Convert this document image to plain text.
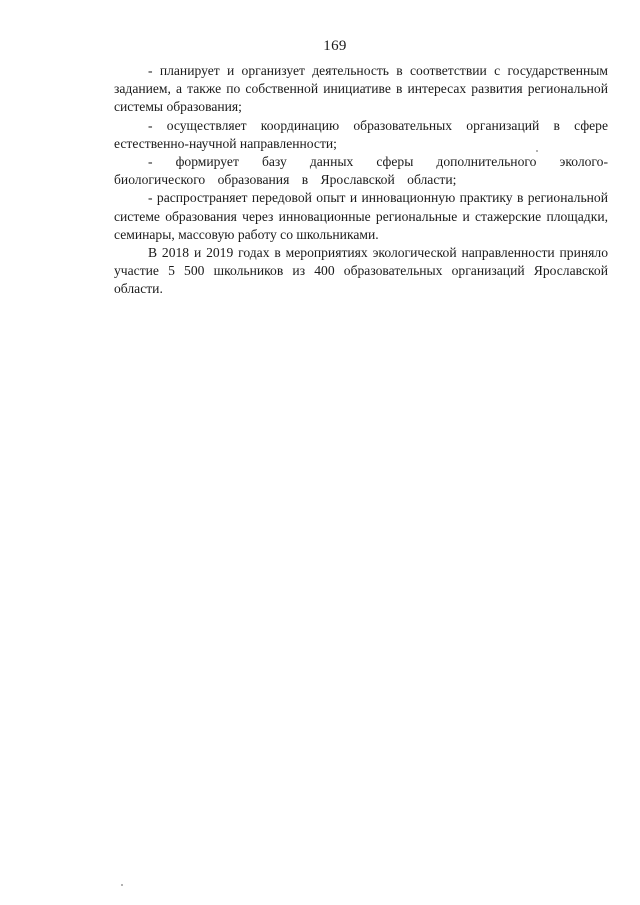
169

- планирует и организует деятельность в соответствии с государственным заданием, а также по собственной инициативе в интересах развития региональной системы образования;

- осуществляет координацию образовательных организаций в сфере естественно-научной направленности;

- формирует базу данных сферы дополнительного эколого-биологического образования в Ярославской области;

- распространяет передовой опыт и инновационную практику в региональной системе образования через инновационные региональные и стажерские площадки, семинары, массовую работу со школьниками.

В 2018 и 2019 годах в мероприятиях экологической направленности приняло участие 5 500 школьников из 400 образовательных организаций Ярославской области.
